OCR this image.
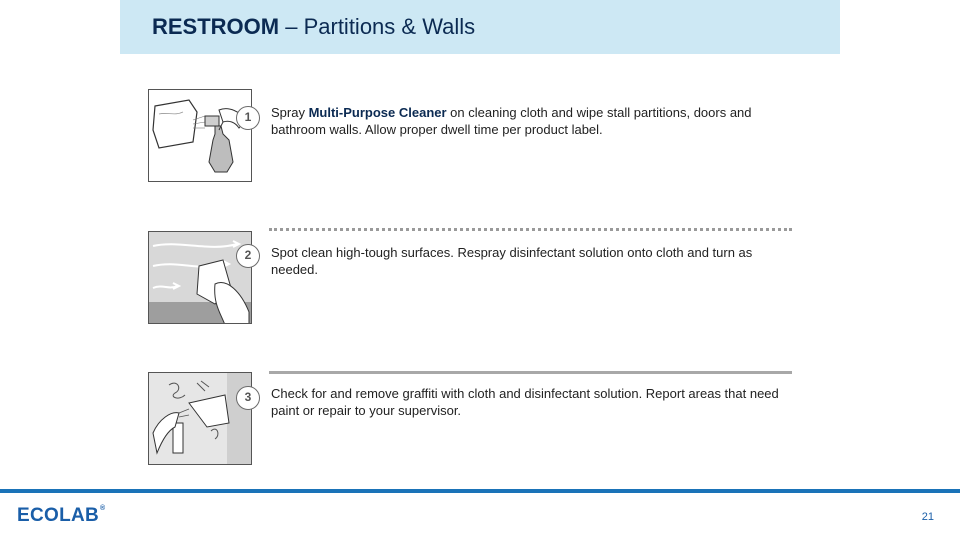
RESTROOM – Partitions & Walls
1	Spray Multi-Purpose Cleaner on cleaning cloth and wipe stall partitions, doors and bathroom walls. Allow proper dwell time per product label.

2	Spot clean high-tough surfaces. Respray disinfectant solution onto cloth and turn as needed.

3	Check for and remove graffiti with cloth and disinfectant solution. Report areas that need paint or repair to your supervisor.

ECOLAB®
21
